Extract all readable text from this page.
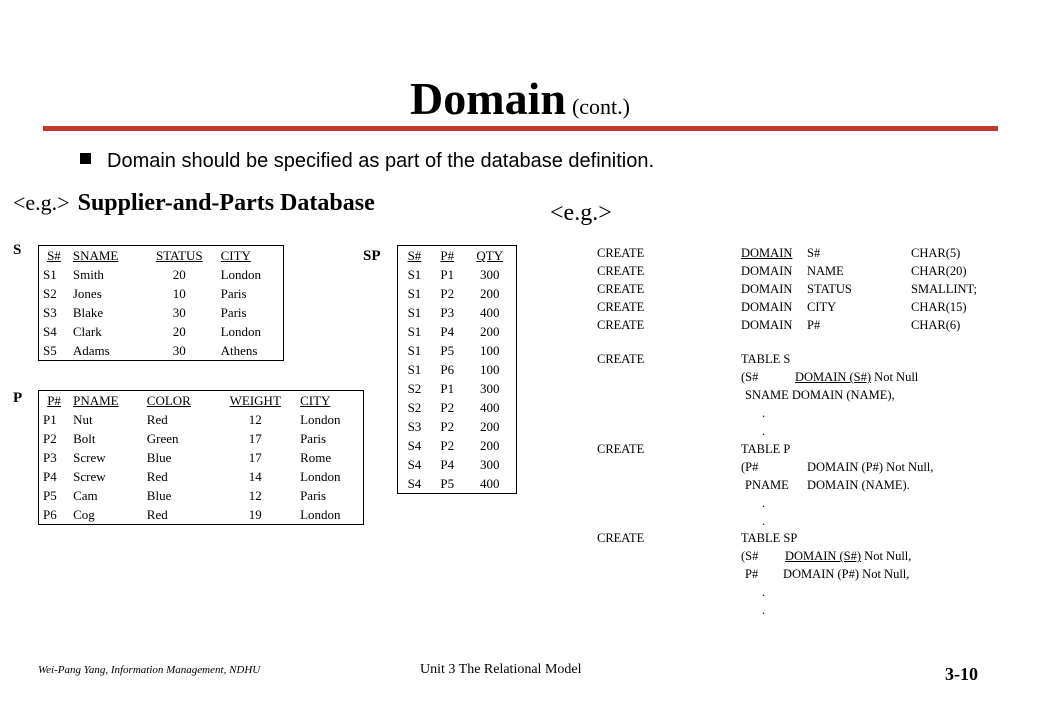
Domain (cont.)
Domain should be specified as part of the database definition.
<e.g.> Supplier-and-Parts Database	<e.g.>
S S#	SNAME	STATUS	CITY
S1	Smith	20	London
S2	Jones	10	Paris
S3	Blake	30	Paris
S4	Clark	20	London
S5	Adams	30	Athens
P P#	PNAME	COLOR	WEIGHT	CITY
P1	Nut	Red	12	London
P2	Bolt	Green	17	Paris
P3	Screw	Blue	17	Rome
P4	Screw	Red	14	London
P5	Cam	Blue	12	Paris
P6	Cog	Red	19	London
SP S#	P#	QTY
S1	P1	300
S1	P2	200
S1	P3	400
S1	P4	200
S1	P5	100
S1	P6	100
S2	P1	300
S2	P2	400
S3	P2	200
S4	P2	200
S4	P4	300
S4	P5	400
CREATE	DOMAIN S#	CHAR(5)
CREATE	DOMAIN NAME	CHAR(20)
CREATE	DOMAIN STATUS	SMALLINT;
CREATE	DOMAIN CITY	CHAR(15)
CREATE	DOMAIN P#	CHAR(6)
CREATE	TABLE S
(S#	DOMAIN (S#) Not Null
SNAME DOMAIN (NAME),
.
.
CREATE	TABLE P
(P#	DOMAIN (P#) Not Null,
PNAME DOMAIN (NAME).
.
.
CREATE	TABLE SP
(S# DOMAIN (S#) Not Null,
P# DOMAIN (P#) Not Null,
.
.
Wei-Pang Yang, Information Management, NDHU	Unit 3 The Relational Model	3-10
